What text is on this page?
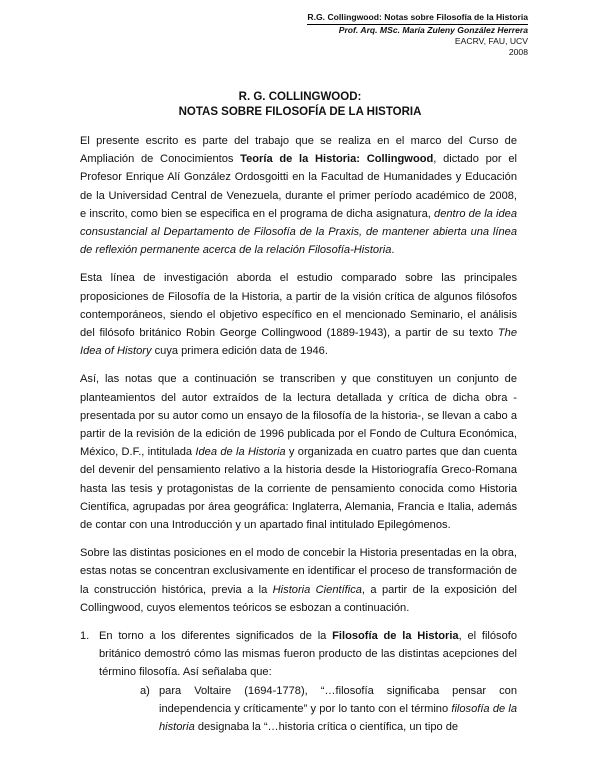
R.G. Collingwood: Notas sobre Filosofía de la Historia
Prof. Arq. MSc. María Zuleny González Herrera
EACRV, FAU, UCV
2008
R. G. COLLINGWOOD:
NOTAS SOBRE FILOSOFÍA DE LA HISTORIA

El presente escrito es parte del trabajo que se realiza en el marco del Curso de Ampliación de Conocimientos Teoría de la Historia: Collingwood, dictado por el Profesor Enrique Alí González Ordosgoitti en la Facultad de Humanidades y Educación de la Universidad Central de Venezuela, durante el primer período académico de 2008, e inscrito, como bien se especifica en el programa de dicha asignatura, dentro de la idea consustancial al Departamento de Filosofía de la Praxis, de mantener abierta una línea de reflexión permanente acerca de la relación Filosofía-Historia.

Esta línea de investigación aborda el estudio comparado sobre las principales proposiciones de Filosofía de la Historia, a partir de la visión crítica de algunos filósofos contemporáneos, siendo el objetivo específico en el mencionado Seminario, el análisis del filósofo británico Robin George Collingwood (1889-1943), a partir de su texto The Idea of History cuya primera edición data de 1946.

Así, las notas que a continuación se transcriben y que constituyen un conjunto de planteamientos del autor extraídos de la lectura detallada y crítica de dicha obra - presentada por su autor como un ensayo de la filosofía de la historia-, se llevan a cabo a partir de la revisión de la edición de 1996 publicada por el Fondo de Cultura Económica, México, D.F., intitulada Idea de la Historia y organizada en cuatro partes que dan cuenta del devenir del pensamiento relativo a la historia desde la Historiografía Greco-Romana hasta las tesis y protagonistas de la corriente de pensamiento conocida como Historia Científica, agrupadas por área geográfica: Inglaterra, Alemania, Francia e Italia, además de contar con una Introducción y un apartado final intitulado Epilegómenos.

Sobre las distintas posiciones en el modo de concebir la Historia presentadas en la obra, estas notas se concentran exclusivamente en identificar el proceso de transformación de la construcción histórica, previa a la Historia Científica, a partir de la exposición del Collingwood, cuyos elementos teóricos se esbozan a continuación.

1. En torno a los diferentes significados de la Filosofía de la Historia, el filósofo británico demostró cómo las mismas fueron producto de las distintas acepciones del término filosofía. Así señalaba que:
a) para Voltaire (1694-1778), “…filosofía significaba pensar con independencia y críticamente” y por lo tanto con el término filosofía de la historia designaba la “…historia crítica o científica, un tipo de
